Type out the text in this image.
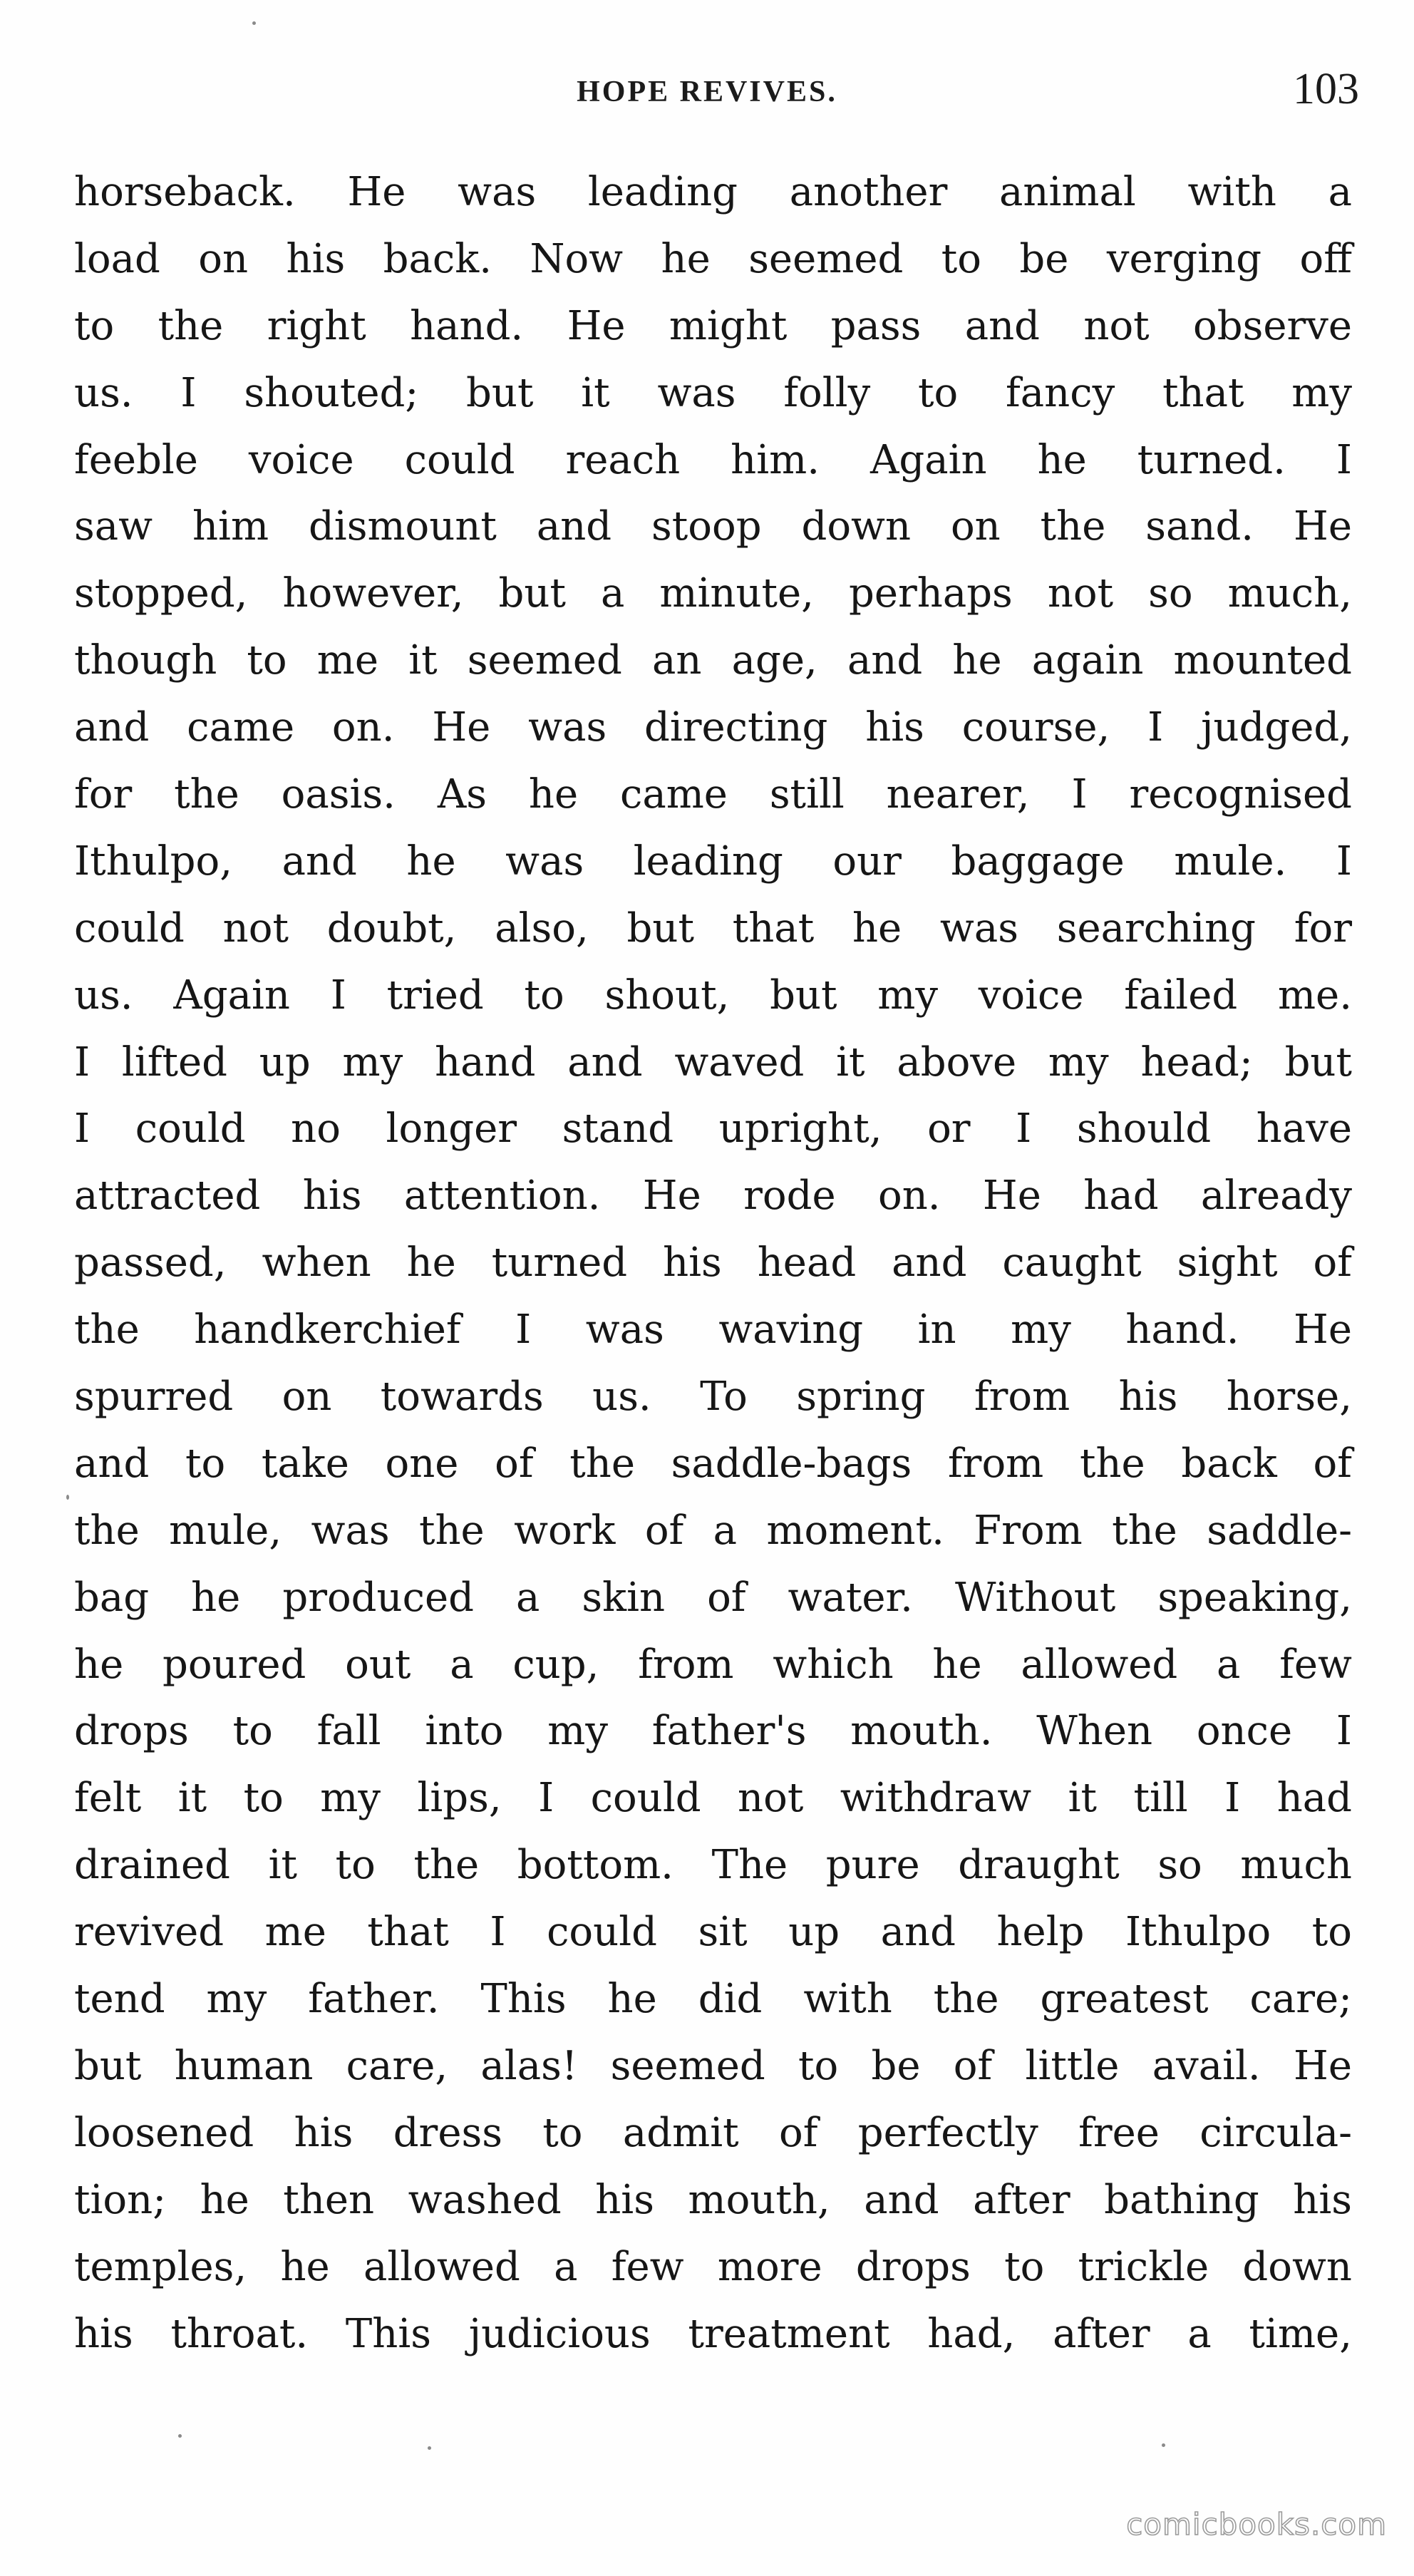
HOPE REVIVES.	103
horseback. He was leading another animal with a
load on his back. Now he seemed to be verging off
to the right hand. He might pass and not observe
us. I shouted; but it was folly to fancy that my
feeble voice could reach him. Again he turned. I
saw him dismount and stoop down on the sand. He
stopped, however, but a minute, perhaps not so much,
though to me it seemed an age, and he again mounted
and came on. He was directing his course, I judged,
for the oasis. As he came still nearer, I recognised
Ithulpo, and he was leading our baggage mule. I
could not doubt, also, but that he was searching for
us. Again I tried to shout, but my voice failed me.
I lifted up my hand and waved it above my head; but
I could no longer stand upright, or I should have
attracted his attention. He rode on. He had already
passed, when he turned his head and caught sight of
the handkerchief I was waving in my hand. He
spurred on towards us. To spring from his horse,
and to take one of the saddle-bags from the back of
the mule, was the work of a moment. From the saddle-
bag he produced a skin of water. Without speaking,
he poured out a cup, from which he allowed a few
drops to fall into my father's mouth. When once I
felt it to my lips, I could not withdraw it till I had
drained it to the bottom. The pure draught so much
revived me that I could sit up and help Ithulpo to
tend my father. This he did with the greatest care;
but human care, alas! seemed to be of little avail. He
loosened his dress to admit of perfectly free circula-
tion; he then washed his mouth, and after bathing his
temples, he allowed a few more drops to trickle down
his throat. This judicious treatment had, after a time,
comicbooks.com
